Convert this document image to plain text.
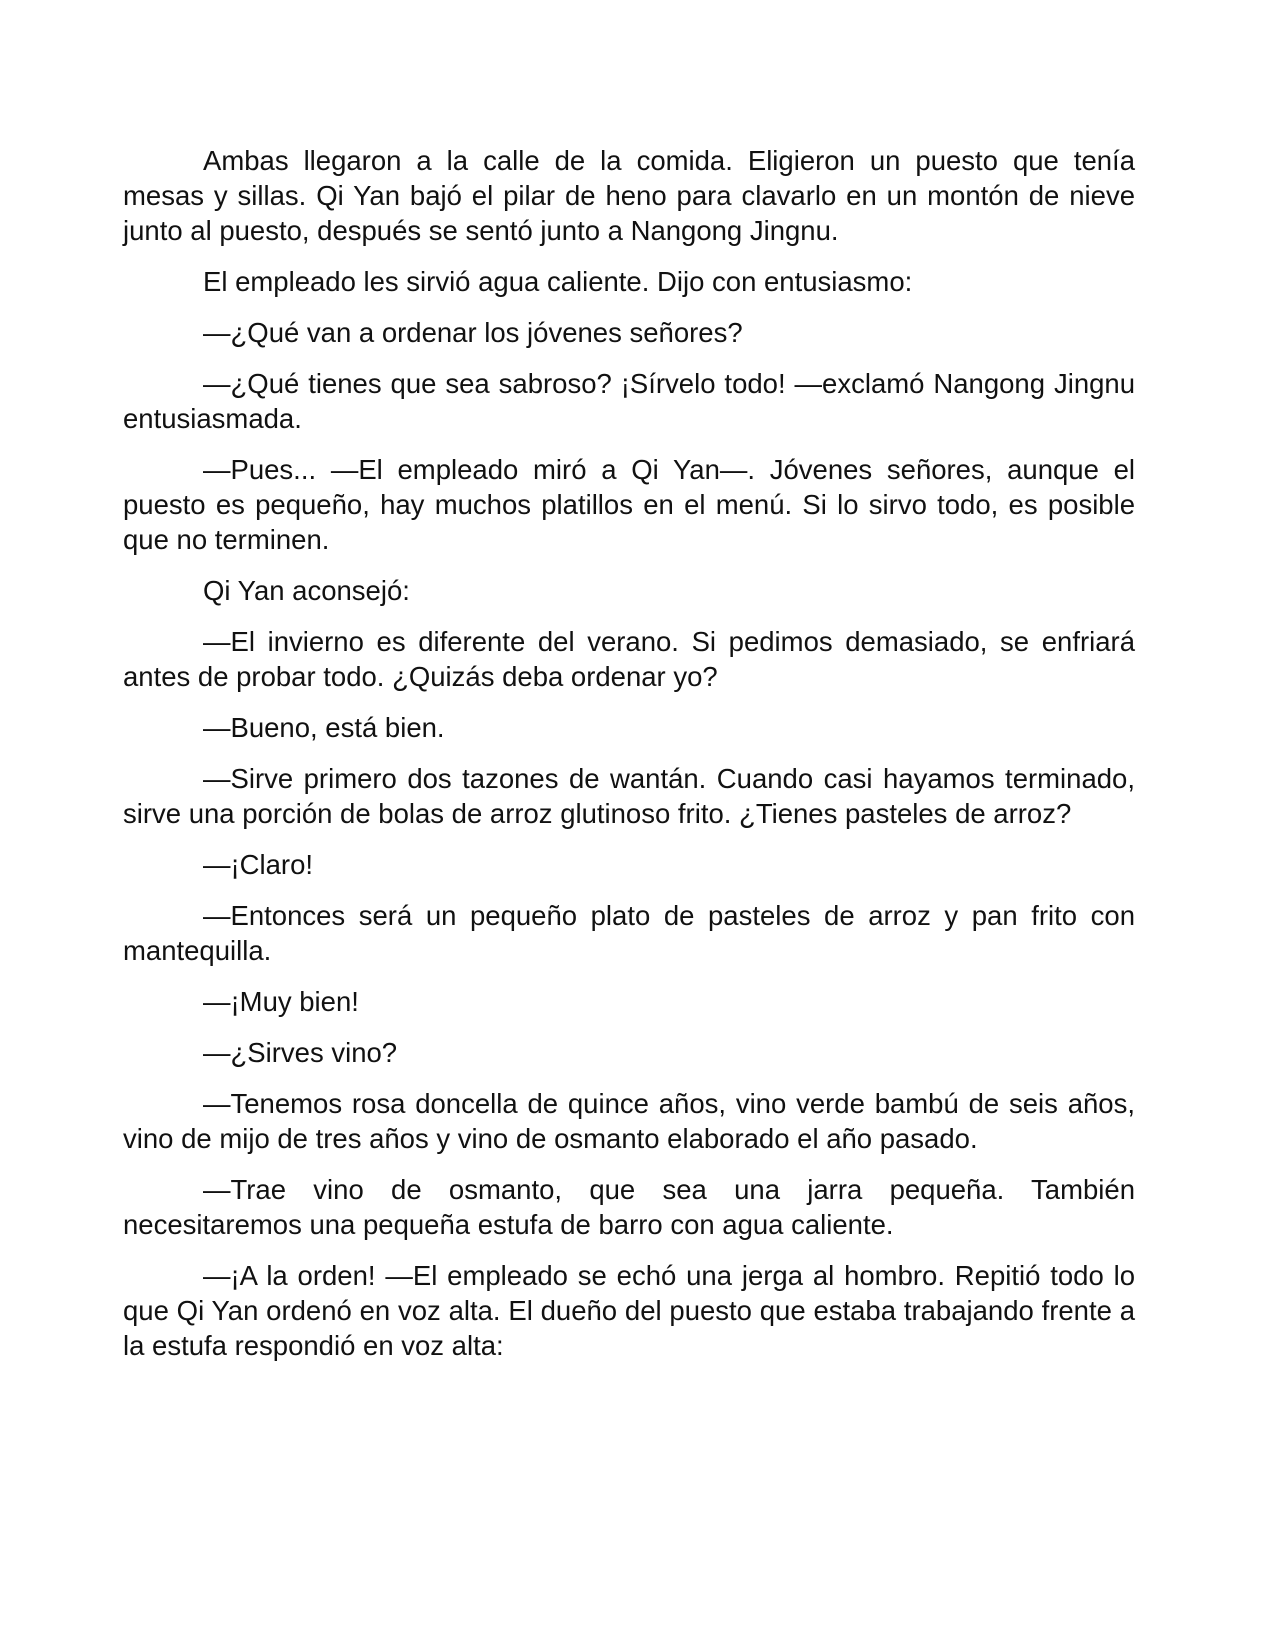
Ambas llegaron a la calle de la comida. Eligieron un puesto que tenía mesas y sillas. Qi Yan bajó el pilar de heno para clavarlo en un montón de nieve junto al puesto, después se sentó junto a Nangong Jingnu.

El empleado les sirvió agua caliente. Dijo con entusiasmo:

—¿Qué van a ordenar los jóvenes señores?

—¿Qué tienes que sea sabroso? ¡Sírvelo todo! —exclamó Nangong Jingnu entusiasmada.

—Pues... —El empleado miró a Qi Yan—. Jóvenes señores, aunque el puesto es pequeño, hay muchos platillos en el menú. Si lo sirvo todo, es posible que no terminen.

Qi Yan aconsejó:

—El invierno es diferente del verano. Si pedimos demasiado, se enfriará antes de probar todo. ¿Quizás deba ordenar yo?

—Bueno, está bien.

—Sirve primero dos tazones de wantán. Cuando casi hayamos terminado, sirve una porción de bolas de arroz glutinoso frito. ¿Tienes pasteles de arroz?

—¡Claro!

—Entonces será un pequeño plato de pasteles de arroz y pan frito con mantequilla.

—¡Muy bien!

—¿Sirves vino?

—Tenemos rosa doncella de quince años, vino verde bambú de seis años, vino de mijo de tres años y vino de osmanto elaborado el año pasado.

—Trae vino de osmanto, que sea una jarra pequeña. También necesitaremos una pequeña estufa de barro con agua caliente.

—¡A la orden! —El empleado se echó una jerga al hombro. Repitió todo lo que Qi Yan ordenó en voz alta. El dueño del puesto que estaba trabajando frente a la estufa respondió en voz alta:
